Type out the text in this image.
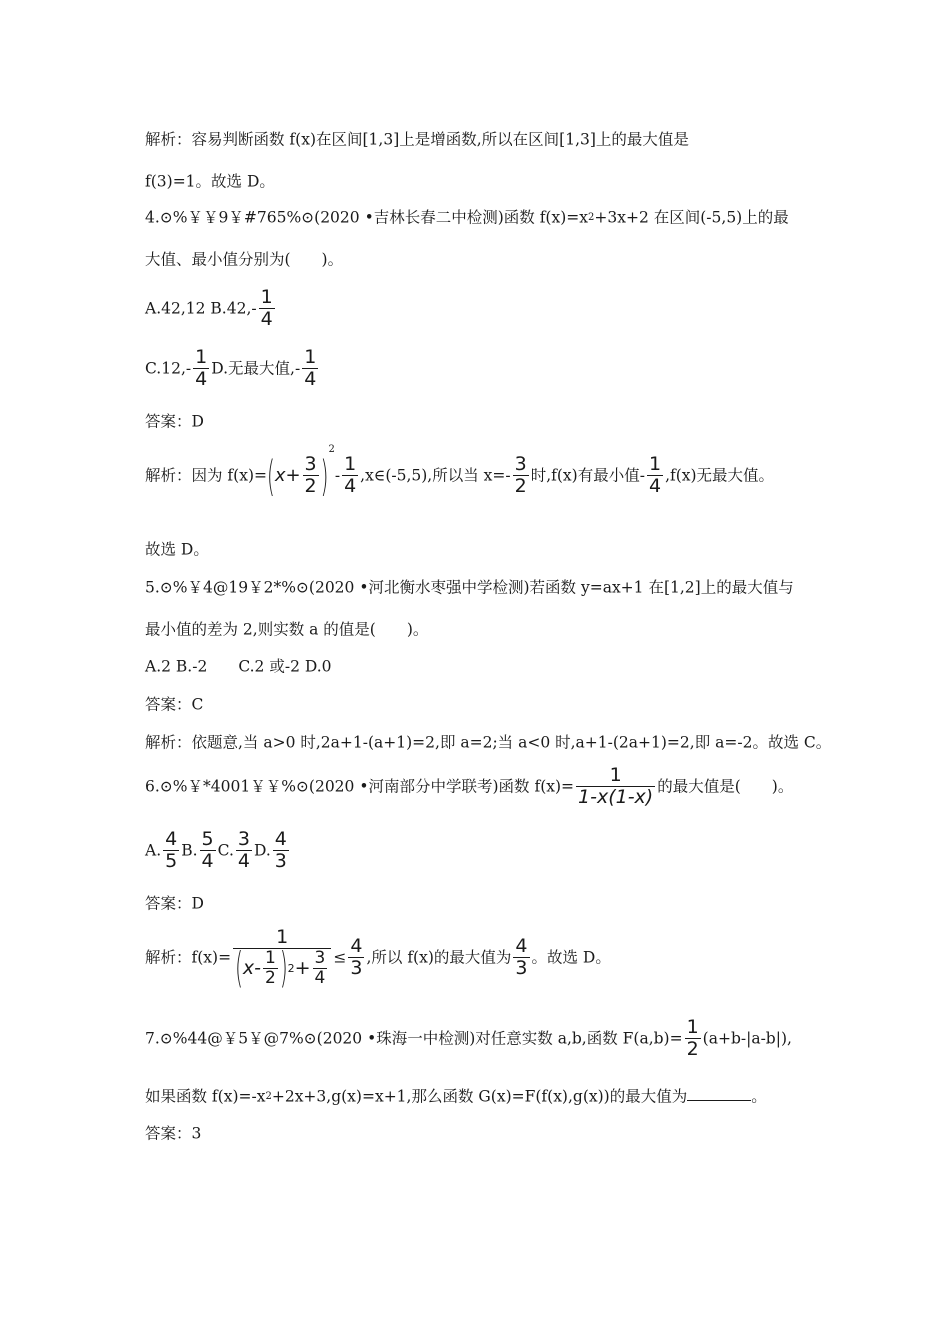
解析：容易判断函数 f(x)在区间[1,3]上是增函数,所以在区间[1,3]上的最大值是
f(3)=1。故选 D。
4.⊙%￥￥9￥#765%⊙(2020 •吉林长春二中检测)函数 f(x)=x2+3x+2 在区间(-5,5)上的最
大值、最小值分别为(　　)。
A.42,12 $B.42,- \frac{1}{4}$
$C.12,- \frac{1}{4} D$.无最大值,- $\frac{1}{4}$
答案：D
解析：因为 $f(x)=(x+ \frac{3}{2} )^2- \frac{1}{4}$ ,x∈(-5,5),所以当 $x=- \frac{3}{2}$ 时,f(x)有最小值- $\frac{1}{4} ,f(x)$无最大值。
故选 D。
5.⊙%￥4@19￥2*%⊙(2020 •河北衡水枣强中学检测)若函数 y=ax+1 在[1,2]上的最大值与
最小值的差为 2,则实数 a 的值是(　　)。
A.2 B.-2　　C.2 或-2 D.0
答案：C
解析：依题意,当 a>0 时,2a+1-(a+1)=2,即 a=2;当 a<0 时,a+1-(2a+1)=2,即 a=-2。故选 C。
6.⊙%￥*4001￥￥%⊙(2020 •河南部分中学联考)函数 $f(x)= \frac{1}{1-x(1-x)}$ 的最大值是(　　)。
A. $\frac{4}{5} B$. $\frac{5}{4} C$. $\frac{3}{4} D$. $\frac{4}{3}$
答案：D
解析：$f(x)= \frac{1}{( x- \frac{1}{2} ) 2 + \frac{3}{4}} \le \frac{4}{3}$ ,所以 f(x)的最大值为 $\frac{4}{3}$ 。故选 D。
7.⊙%44@￥5￥@7%⊙(2020 •珠海一中检测)对任意实数 a,b,函数 $F(a,b)= \frac{1}{2} (a+b-|a-b|)$,
如果函数 f(x)=-x2+2x+3,g(x)=x+1,那么函数 G(x)=F(f(x),g(x))的最大值为	。
答案：3
